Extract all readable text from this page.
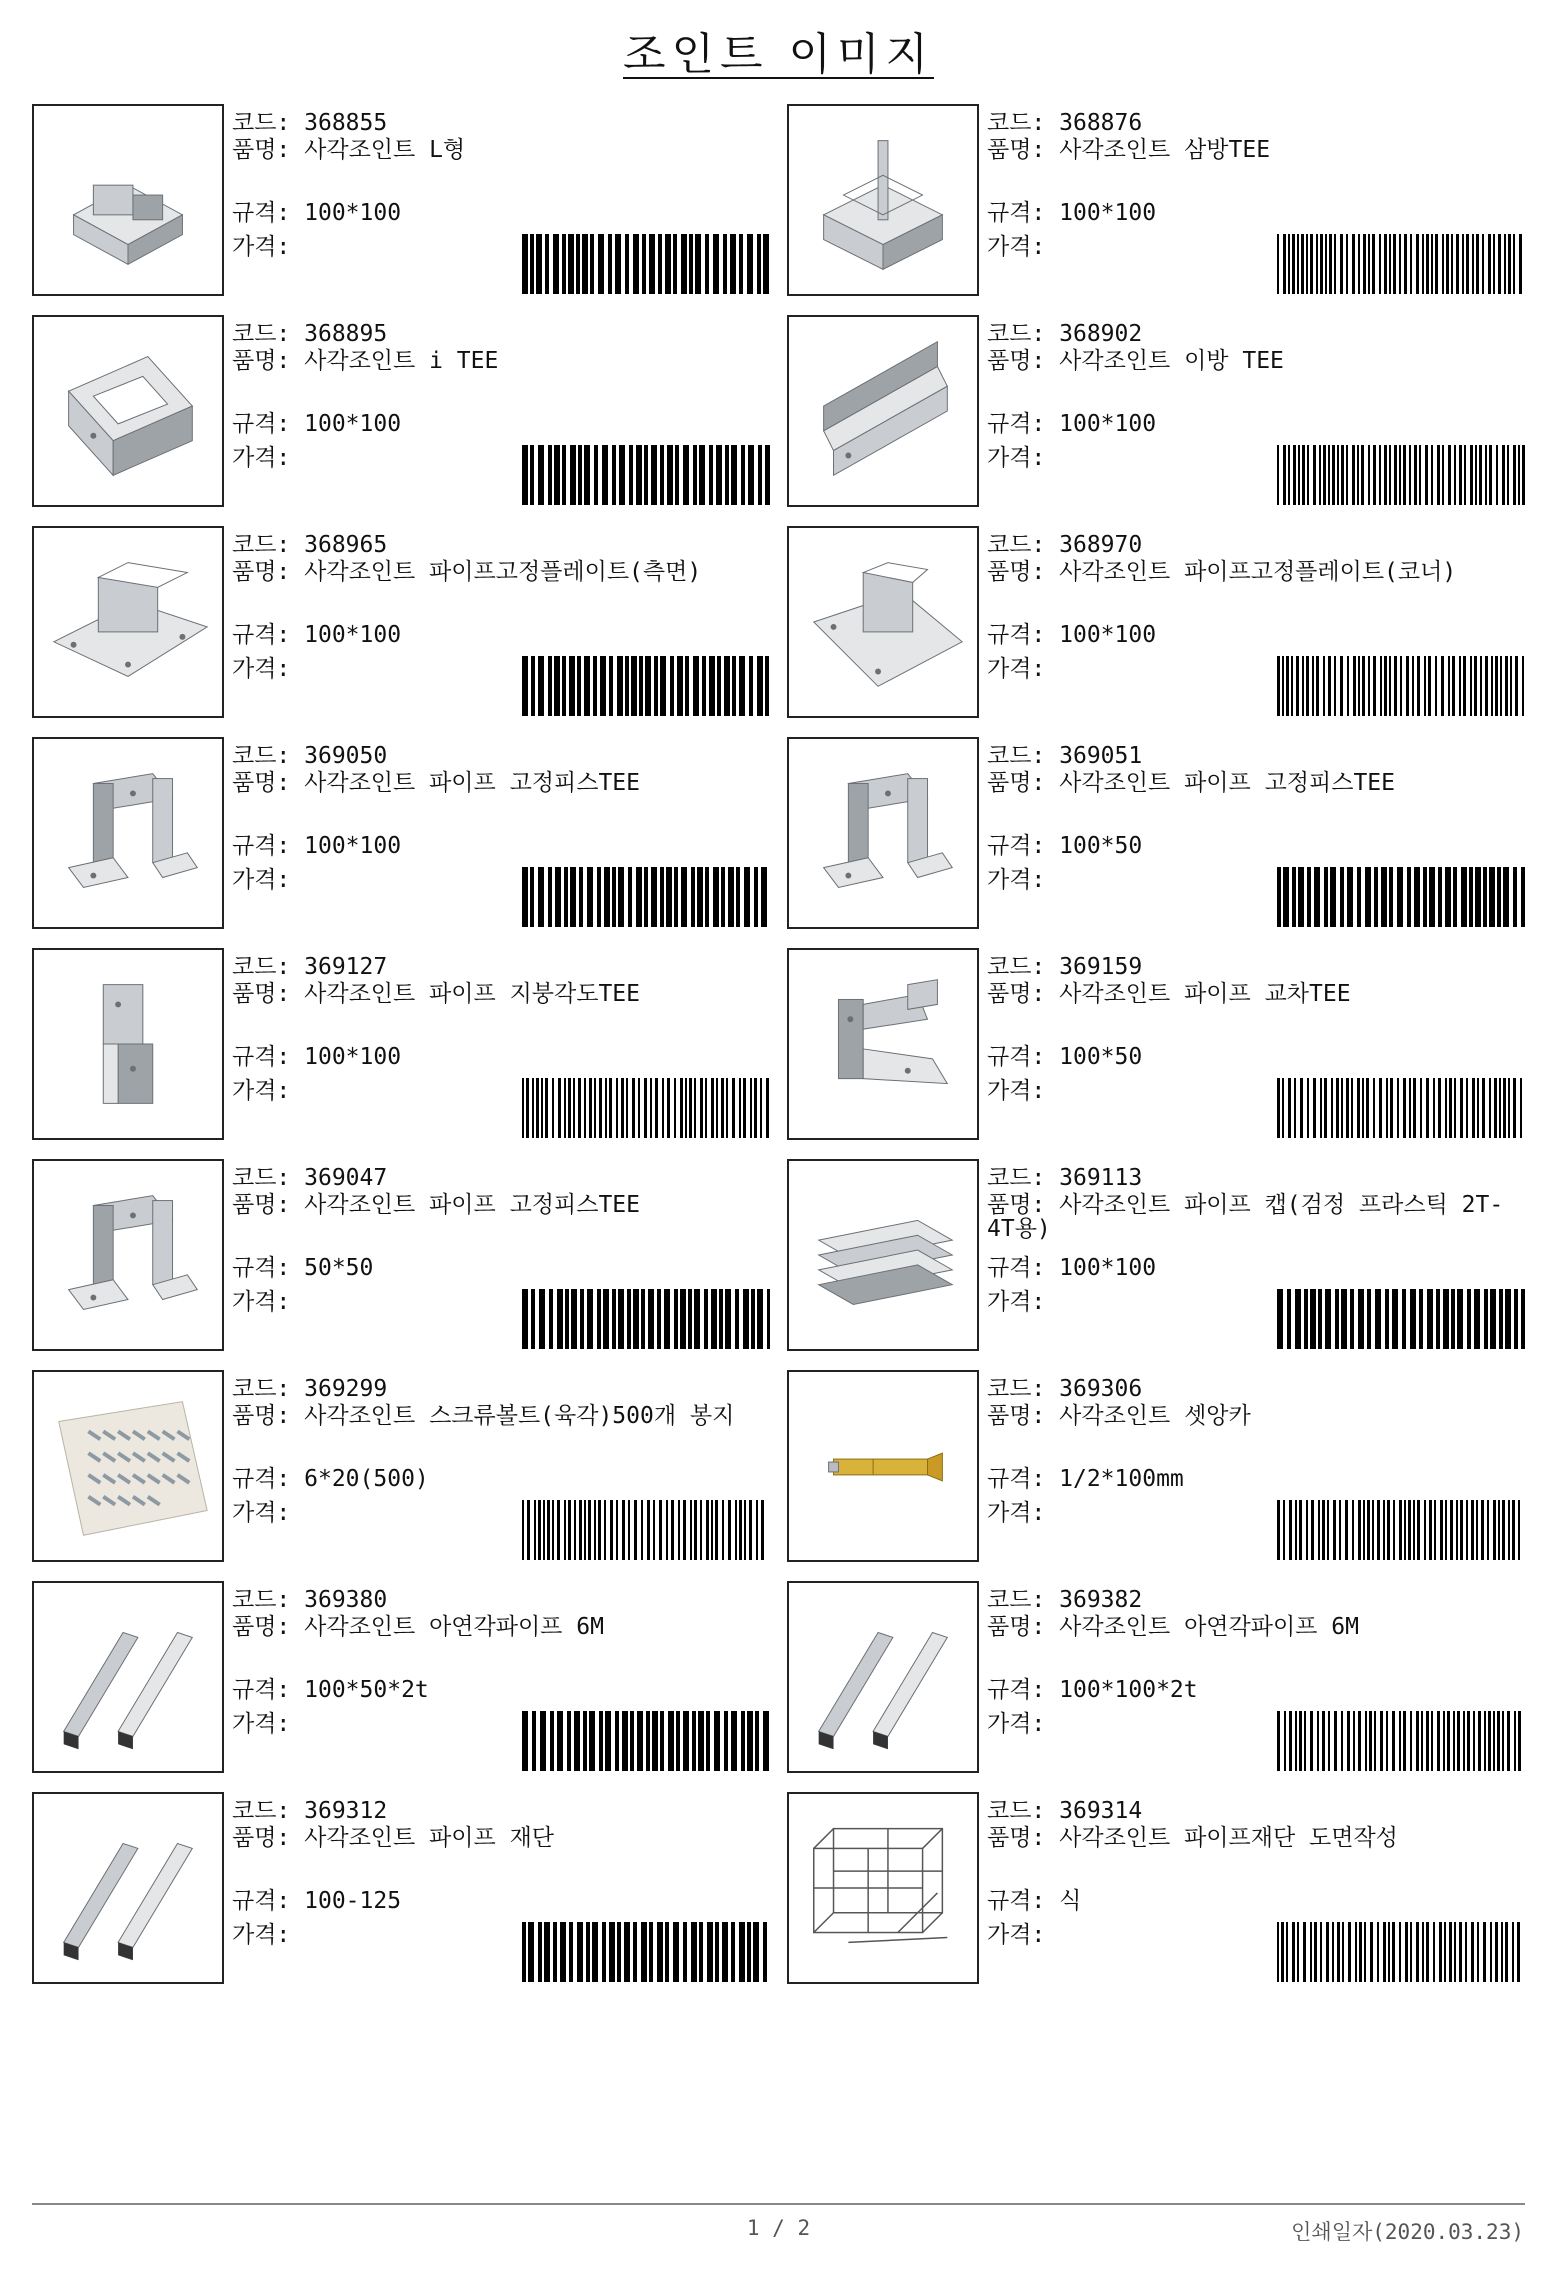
조인트 이미지
코드: 368855
품명: 사각조인트 L형
규격: 100*100
가격:
코드: 368876
품명: 사각조인트 삼방TEE
규격: 100*100
가격:
코드: 368895
품명: 사각조인트 i TEE
규격: 100*100
가격:
코드: 368902
품명: 사각조인트 이방 TEE
규격: 100*100
가격:
코드: 368965
품명: 사각조인트 파이프고정플레이트(측면)
규격: 100*100
가격:
코드: 368970
품명: 사각조인트 파이프고정플레이트(코너)
규격: 100*100
가격:
코드: 369050
품명: 사각조인트 파이프 고정피스TEE
규격: 100*100
가격:
코드: 369051
품명: 사각조인트 파이프 고정피스TEE
규격: 100*50
가격:
코드: 369127
품명: 사각조인트 파이프 지붕각도TEE
규격: 100*100
가격:
코드: 369159
품명: 사각조인트 파이프 교차TEE
규격: 100*50
가격:
코드: 369047
품명: 사각조인트 파이프 고정피스TEE
규격: 50*50
가격:
코드: 369113
품명: 사각조인트 파이프 캡(검정 프라스틱 2T-4T용)
규격: 100*100
가격:
코드: 369299
품명: 사각조인트 스크류볼트(육각)500개 봉지
규격: 6*20(500)
가격:
코드: 369306
품명: 사각조인트 셋앙카
규격: 1/2*100mm
가격:
코드: 369380
품명: 사각조인트 아연각파이프 6M
규격: 100*50*2t
가격:
코드: 369382
품명: 사각조인트 아연각파이프 6M
규격: 100*100*2t
가격:
코드: 369312
품명: 사각조인트 파이프 재단
규격: 100-125
가격:
코드: 369314
품명: 사각조인트 파이프재단 도면작성
규격: 식
가격:
1 / 2	인쇄일자(2020.03.23)
